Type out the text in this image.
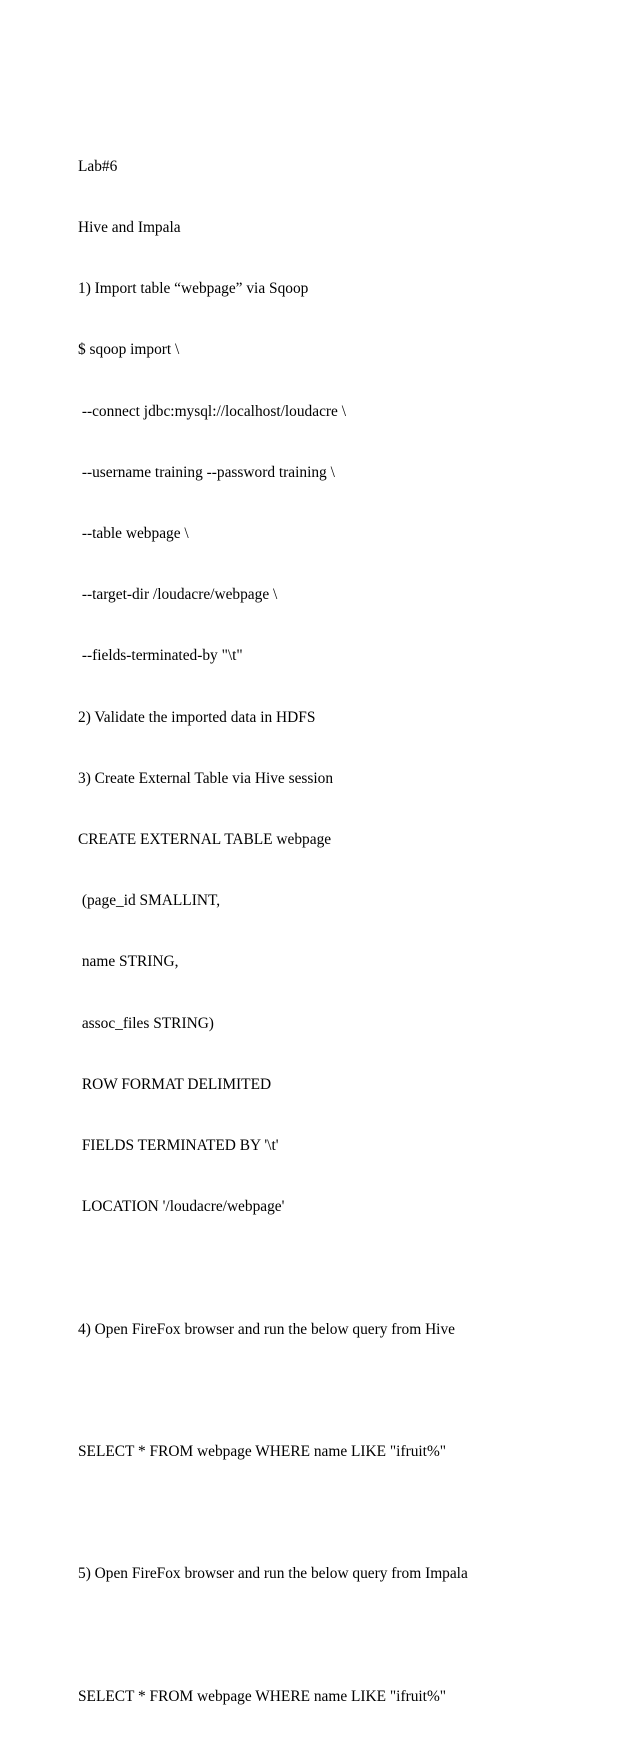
Lab#6

Hive and Impala

1) Import table “webpage” via Sqoop

$ sqoop import \

--connect jdbc:mysql://localhost/loudacre \

--username training --password training \

--table webpage \

--target-dir /loudacre/webpage \

--fields-terminated-by "\t"

2) Validate the imported data in HDFS

3) Create External Table via Hive session

CREATE EXTERNAL TABLE webpage

(page_id SMALLINT,

name STRING,

assoc_files STRING)

ROW FORMAT DELIMITED

FIELDS TERMINATED BY '\t'

LOCATION '/loudacre/webpage'

4) Open FireFox browser and run the below query from Hive

SELECT * FROM webpage WHERE name LIKE "ifruit%"

5) Open FireFox browser and run the below query from Impala

SELECT * FROM webpage WHERE name LIKE "ifruit%"
